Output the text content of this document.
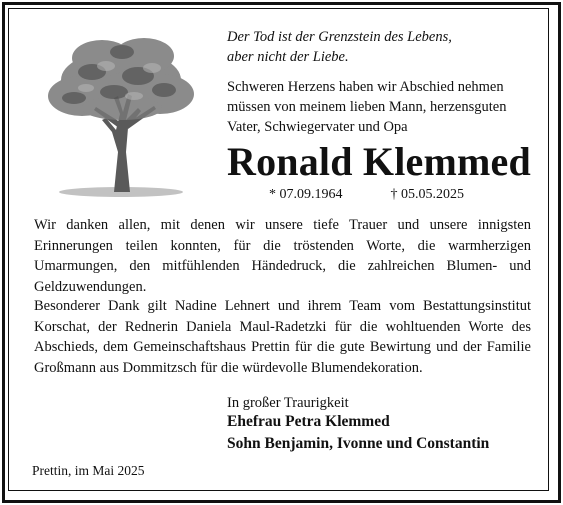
Der Tod ist der Grenzstein des Lebens,
aber nicht der Liebe.
Schweren Herzens haben wir Abschied nehmen
müssen von meinem lieben Mann, herzensguten
Vater, Schwiegervater und Opa
Ronald Klemmed
* 07.09.1964	† 05.05.2025
Wir danken allen, mit denen wir unsere tiefe Trauer und unsere innigsten Erinnerungen teilen konnten, für die tröstenden Worte, die warmherzigen Umarmungen, den mitfühlenden Händedruck, die zahlreichen Blumen- und Geldzuwendungen.
Besonderer Dank gilt Nadine Lehnert und ihrem Team vom Bestattungsinstitut Korschat, der Rednerin Daniela Maul-Radetzki für die wohltuenden Worte des Abschieds, dem Gemeinschaftshaus Prettin für die gute Bewirtung und der Familie Großmann aus Dommitzsch für die würdevolle Blumendekoration.
In großer Traurigkeit
Ehefrau Petra Klemmed
Sohn Benjamin, Ivonne und Constantin
Prettin, im Mai 2025
